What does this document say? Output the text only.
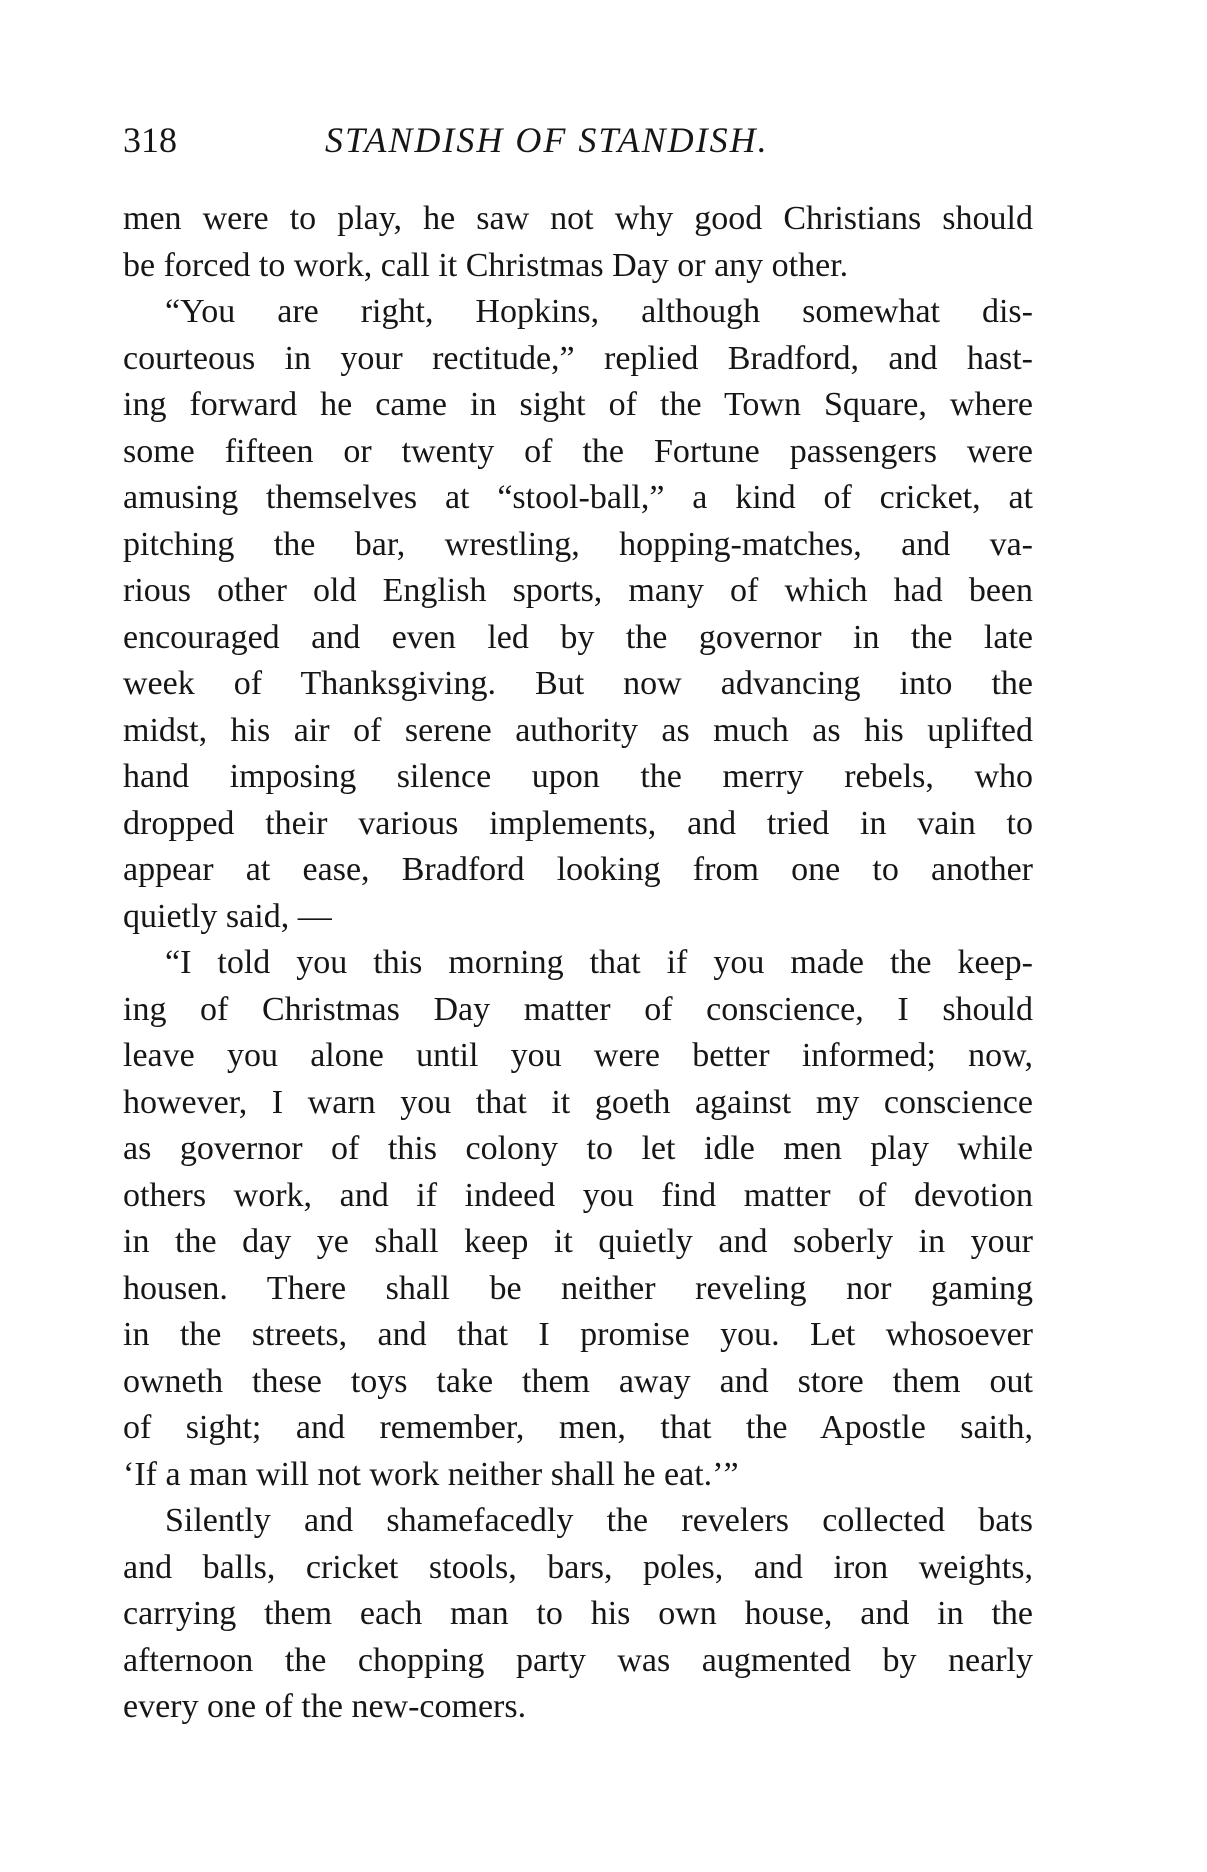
318	STANDISH OF STANDISH.
men were to play, he saw not why good Christians should
be forced to work, call it Christmas Day or any other.
“You are right, Hopkins, although somewhat dis-
courteous in your rectitude,” replied Bradford, and hast-
ing forward he came in sight of the Town Square, where
some fifteen or twenty of the Fortune passengers were
amusing themselves at “stool-ball,” a kind of cricket, at
pitching the bar, wrestling, hopping-matches, and va-
rious other old English sports, many of which had been
encouraged and even led by the governor in the late
week of Thanksgiving. But now advancing into the
midst, his air of serene authority as much as his uplifted
hand imposing silence upon the merry rebels, who
dropped their various implements, and tried in vain to
appear at ease, Bradford looking from one to another
quietly said, —
“I told you this morning that if you made the keep-
ing of Christmas Day matter of conscience, I should
leave you alone until you were better informed; now,
however, I warn you that it goeth against my conscience
as governor of this colony to let idle men play while
others work, and if indeed you find matter of devotion
in the day ye shall keep it quietly and soberly in your
housen. There shall be neither reveling nor gaming
in the streets, and that I promise you. Let whosoever
owneth these toys take them away and store them out
of sight; and remember, men, that the Apostle saith,
‘If a man will not work neither shall he eat.’”
Silently and shamefacedly the revelers collected bats
and balls, cricket stools, bars, poles, and iron weights,
carrying them each man to his own house, and in the
afternoon the chopping party was augmented by nearly
every one of the new-comers.
